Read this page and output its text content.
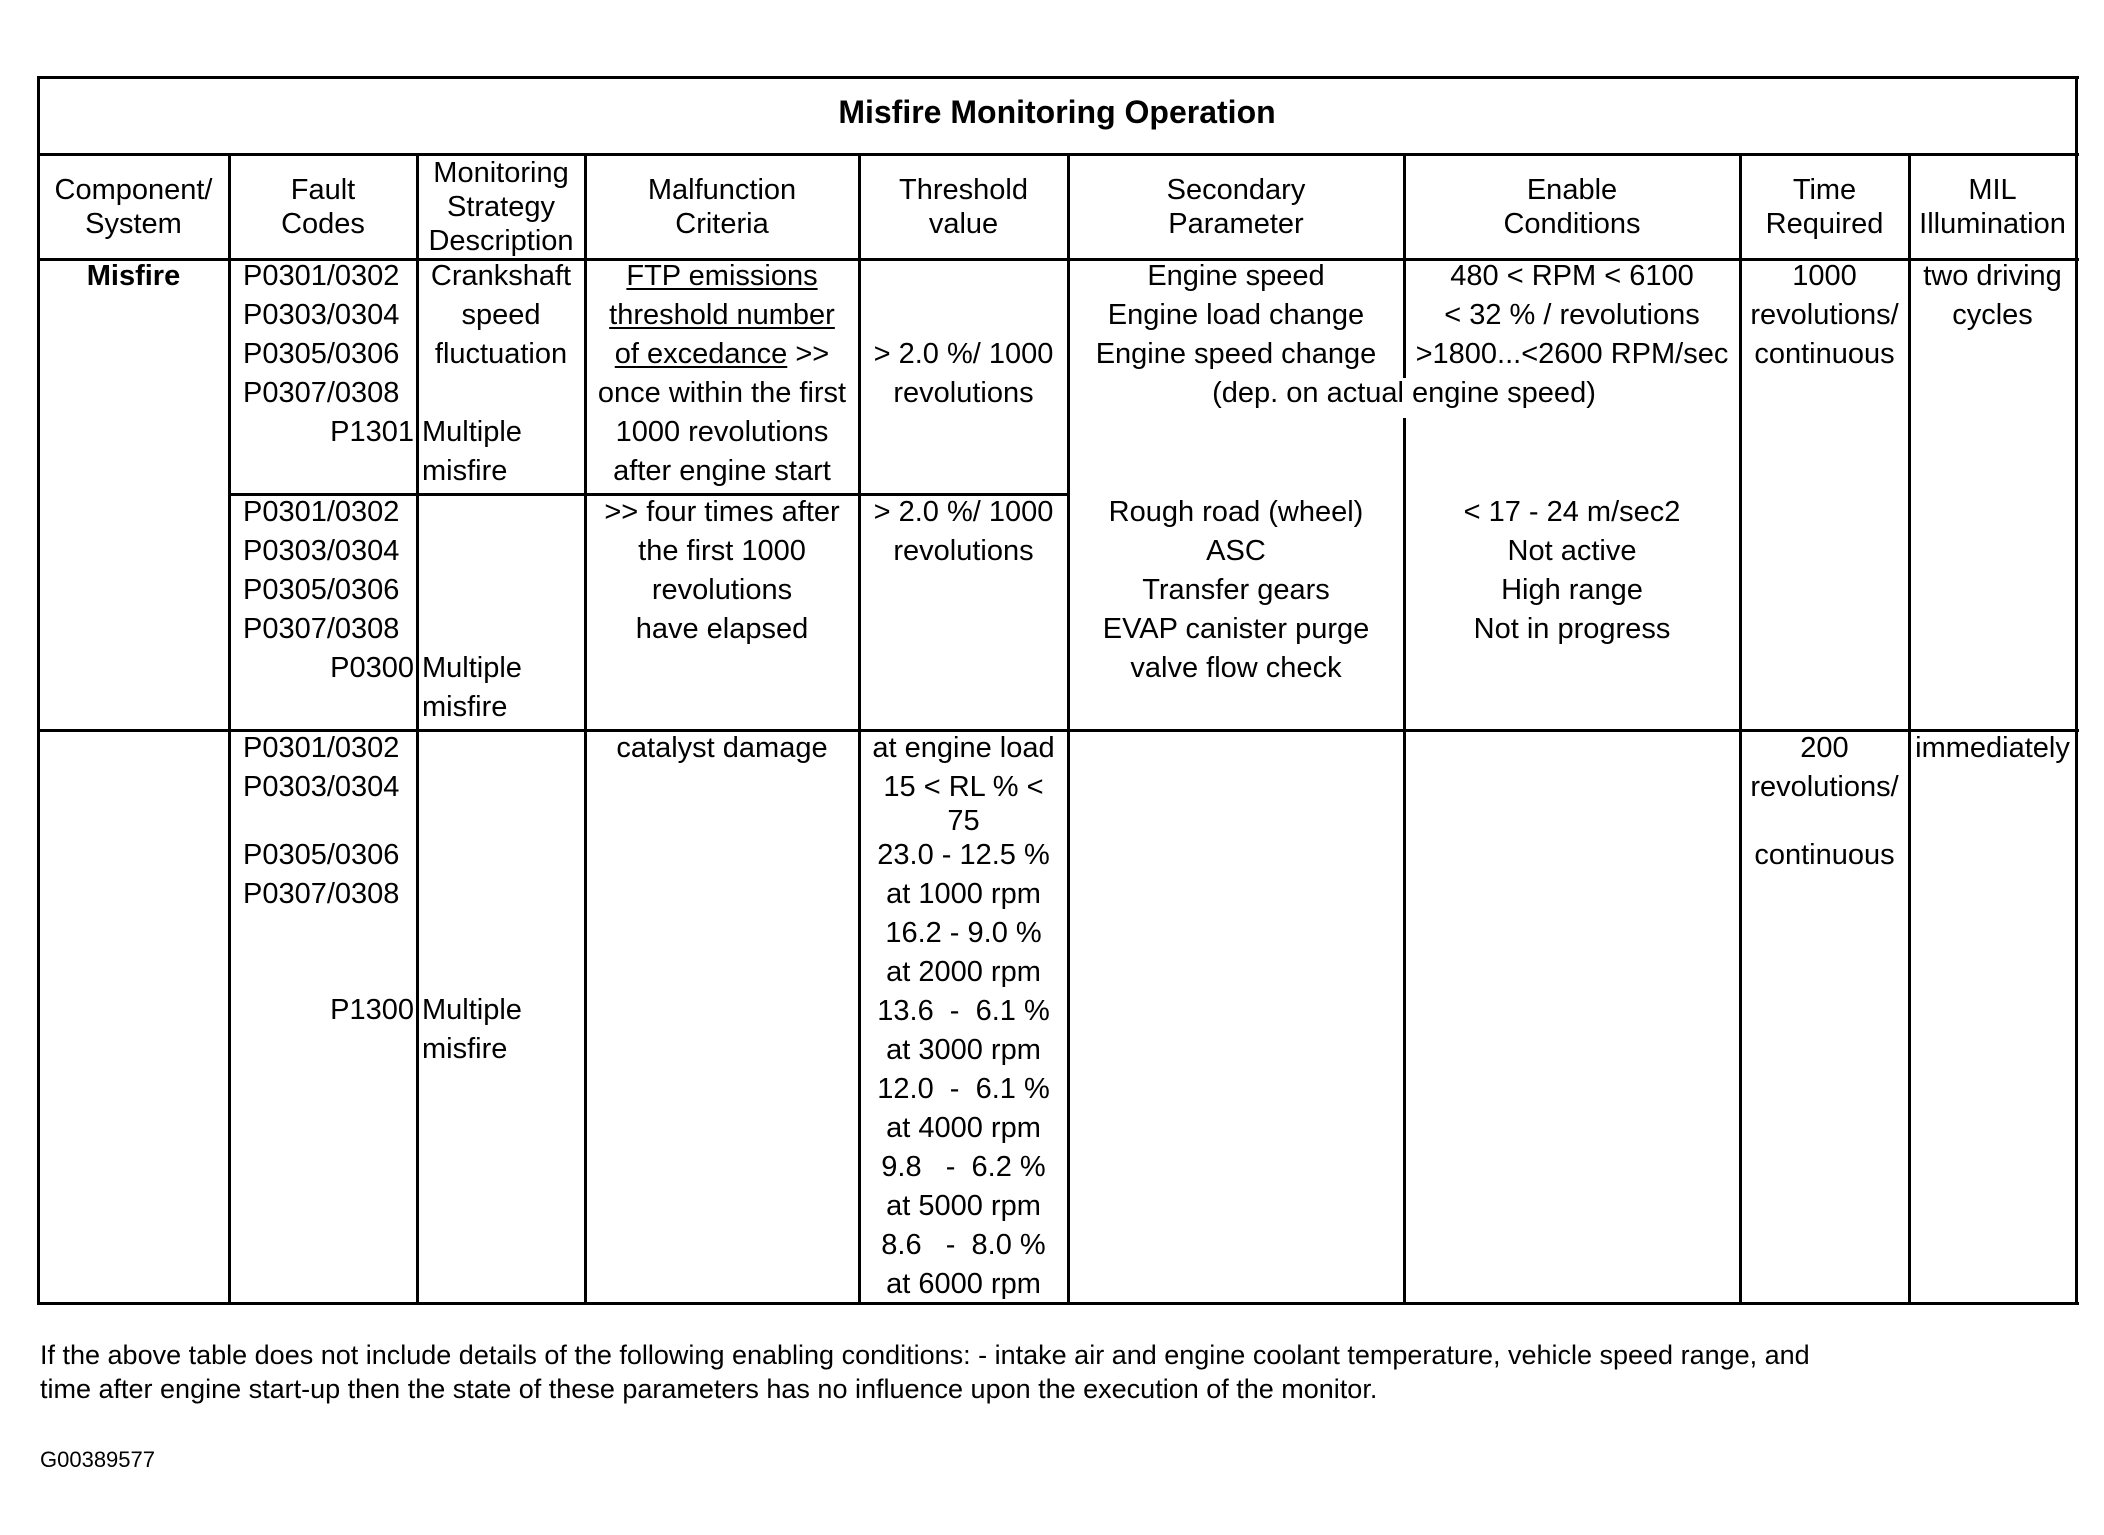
Misfire Monitoring Operation
Component/
System
Fault
Codes
Monitoring
Strategy
Description
Malfunction
Criteria
Threshold
value
Secondary
Parameter
Enable
Conditions
Time
Required
MIL
Illumination
Misfire	P0301/0302
P0303/0304
P0305/0306
P0307/0308
P1301
Crankshaft
speed
fluctuation
Multiple
misfire
FTP emissions
threshold number
of excedance >>
once within the first
1000 revolutions
after engine start
> 2.0 %/ 1000
revolutions
Engine speed
Engine load change
Engine speed change
480 < RPM < 6100
< 32 % / revolutions
>1800...<2600 RPM/sec
(dep. on actual engine speed)
1000
revolutions/
continuous
two driving
cycles
P0301/0302
P0303/0304
P0305/0306
P0307/0308
P0300 Multiple
misfire
>> four times after
the first 1000
revolutions
have elapsed
> 2.0 %/ 1000
revolutions
Rough road (wheel)
ASC
Transfer gears
EVAP canister purge
valve flow check
< 17 - 24 m/sec2
Not active
High range
Not in progress
P0301/0302
P0303/0304
P0305/0306
P0307/0308
P1300 Multiple
misfire
catalyst damage	at engine load
15 < RL % <
75
23.0 - 12.5 %
at 1000 rpm
16.2 - 9.0 %
at 2000 rpm
13.6  -  6.1 %
at 3000 rpm
12.0  -  6.1 %
at 4000 rpm
9.8   -  6.2 %
at 5000 rpm
8.6   -  8.0 %
at 6000 rpm
200
revolutions/
continuous
immediately
If the above table does not include details of the following enabling conditions: - intake air and engine coolant temperature, vehicle speed range, and
time after engine start-up then the state of these parameters has no influence upon the execution of the monitor.
G00389577
